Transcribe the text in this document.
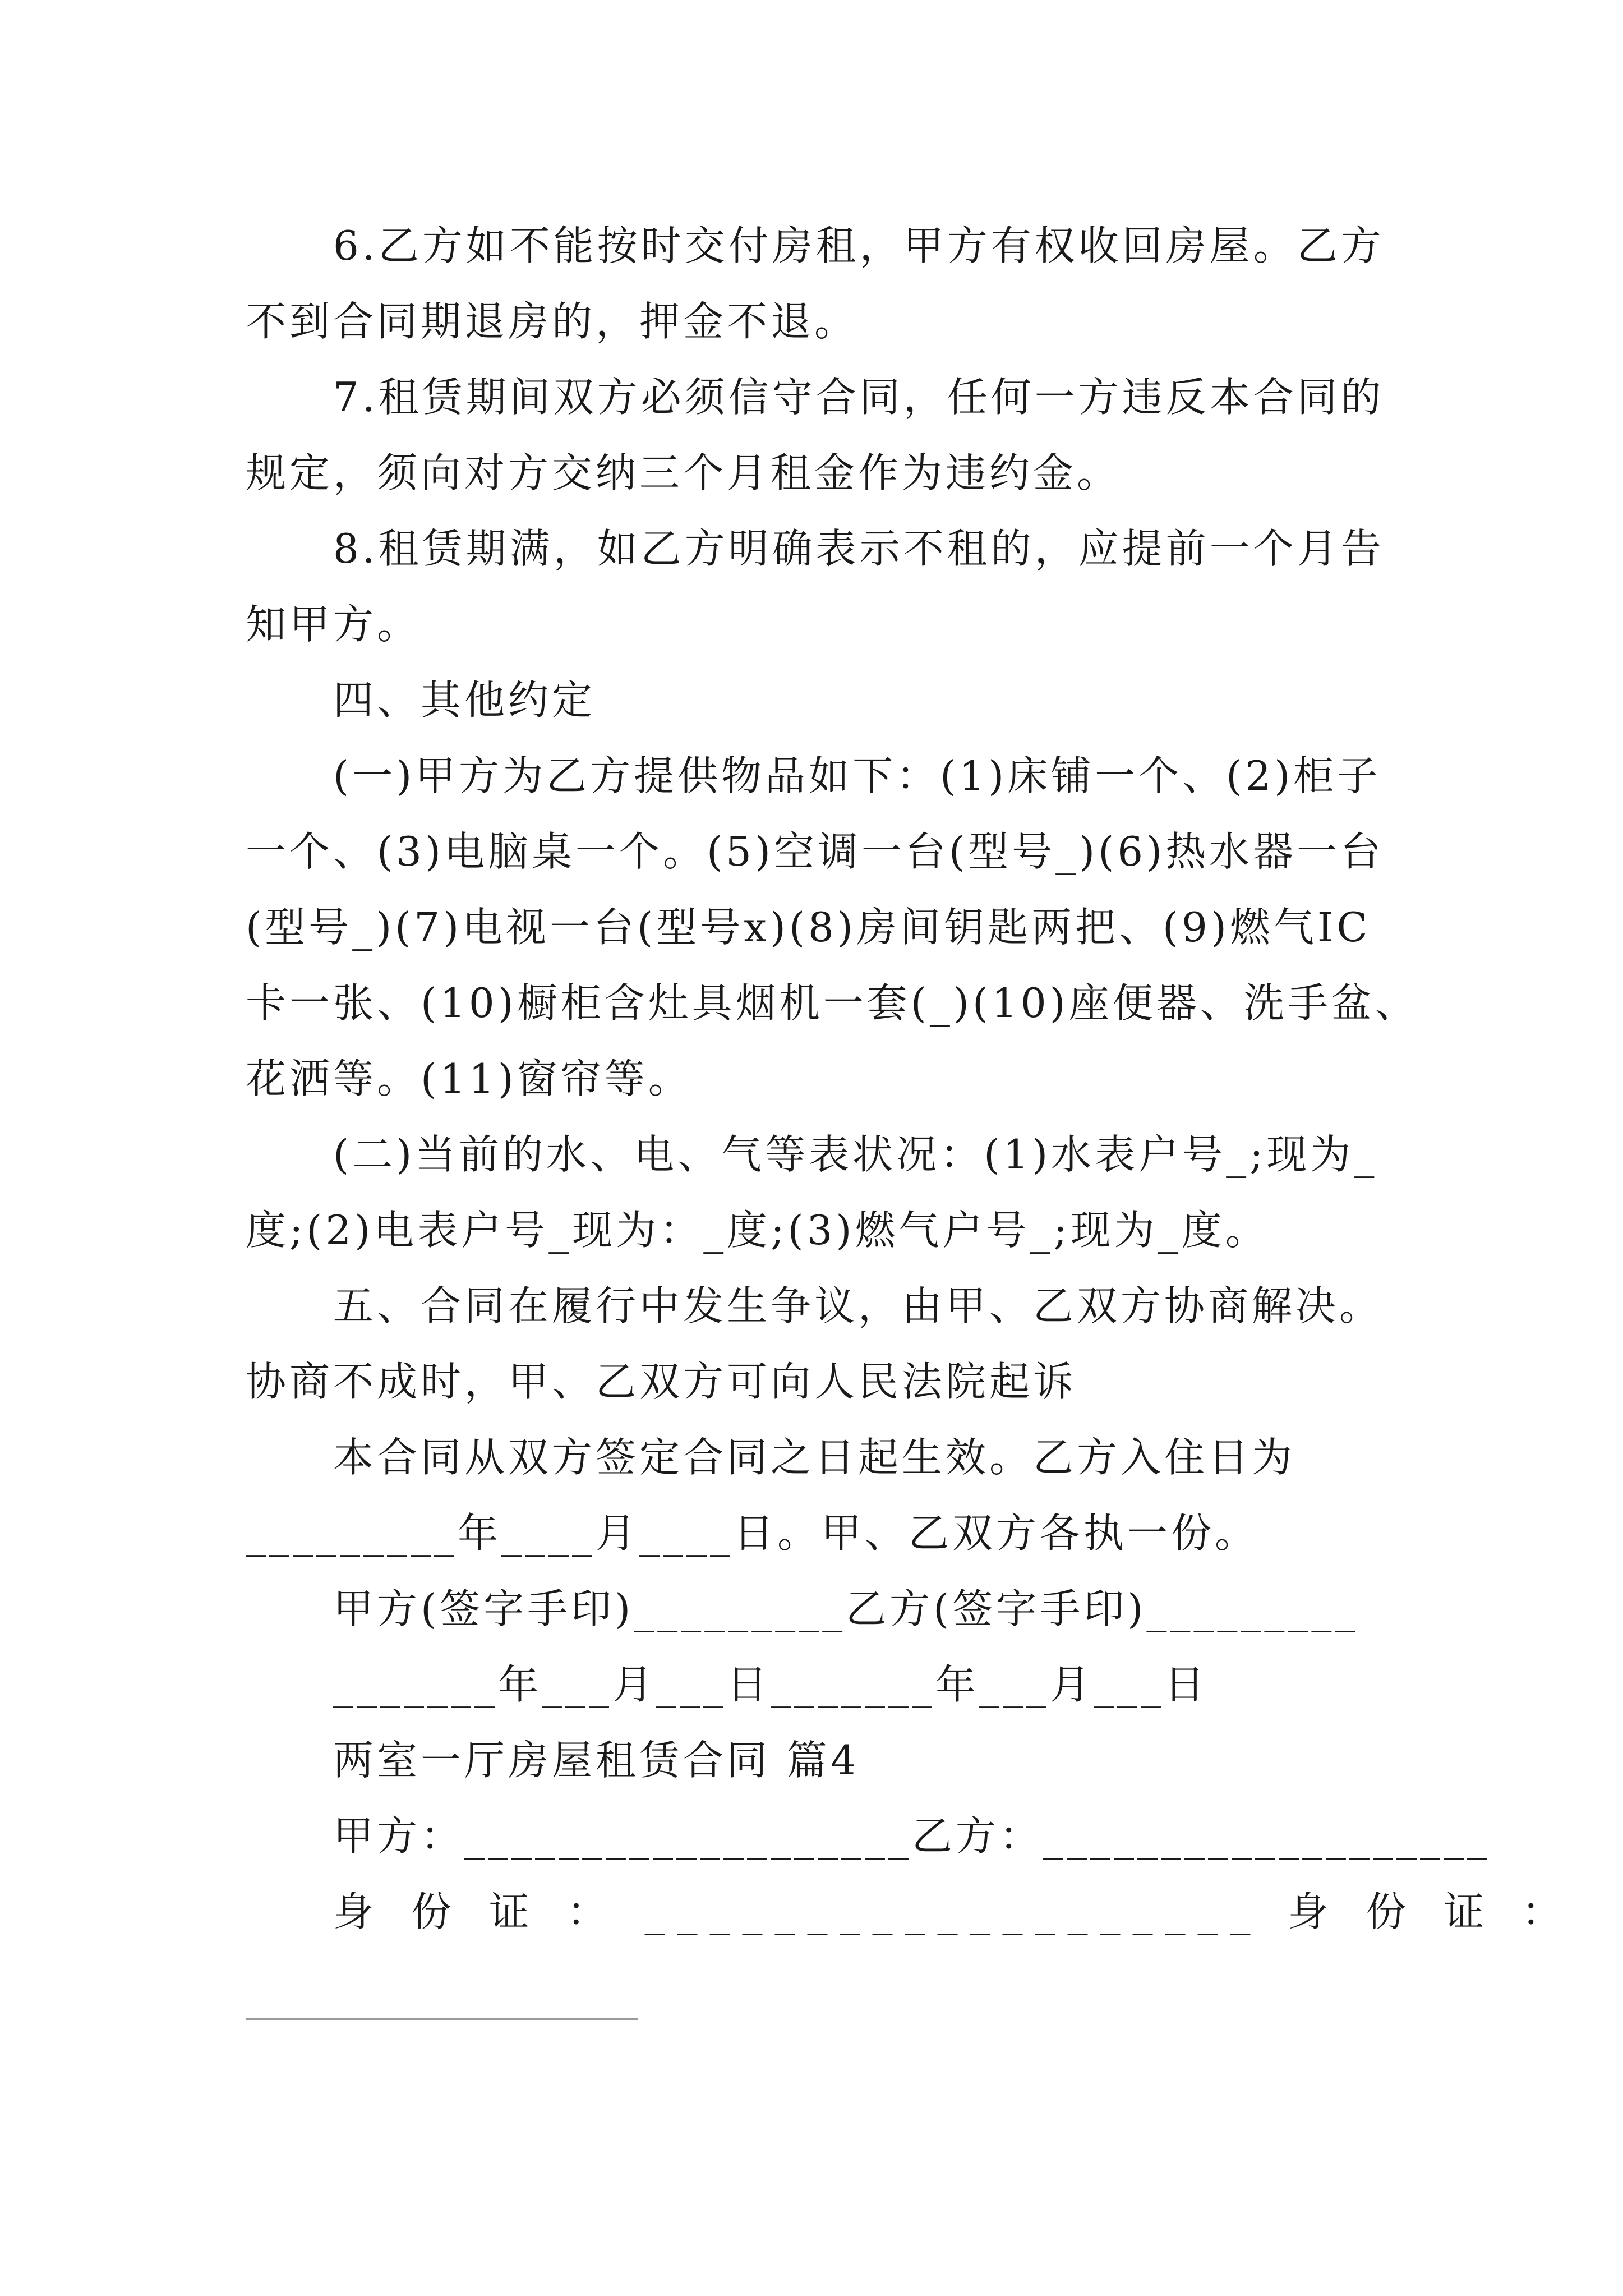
6.乙方如不能按时交付房租，甲方有权收回房屋。乙方
不到合同期退房的，押金不退。
7.租赁期间双方必须信守合同，任何一方违反本合同的
规定，须向对方交纳三个月租金作为违约金。
8.租赁期满，如乙方明确表示不租的，应提前一个月告
知甲方。
四、其他约定
(一)甲方为乙方提供物品如下：(1)床铺一个、(2)柜子
一个、(3)电脑桌一个。(5)空调一台(型号_)(6)热水器一台
(型号_)(7)电视一台(型号x)(8)房间钥匙两把、(9)燃气IC
卡一张、(10)橱柜含灶具烟机一套(_)(10)座便器、洗手盆、
花洒等。(11)窗帘等。
(二)当前的水、电、气等表状况：(1)水表户号_;现为_
度;(2)电表户号_现为：_度;(3)燃气户号_;现为_度。
五、合同在履行中发生争议，由甲、乙双方协商解决。
协商不成时，甲、乙双方可向人民法院起诉
本合同从双方签定合同之日起生效。乙方入住日为
_________年____月____日。甲、乙双方各执一份。
甲方(签字手印)_________乙方(签字手印)_________
_______年___月___日_______年___月___日
两室一厅房屋租赁合同 篇4
甲方：___________________乙方：___________________
身 份 证 ： ___________________ 身 份 证 ：
